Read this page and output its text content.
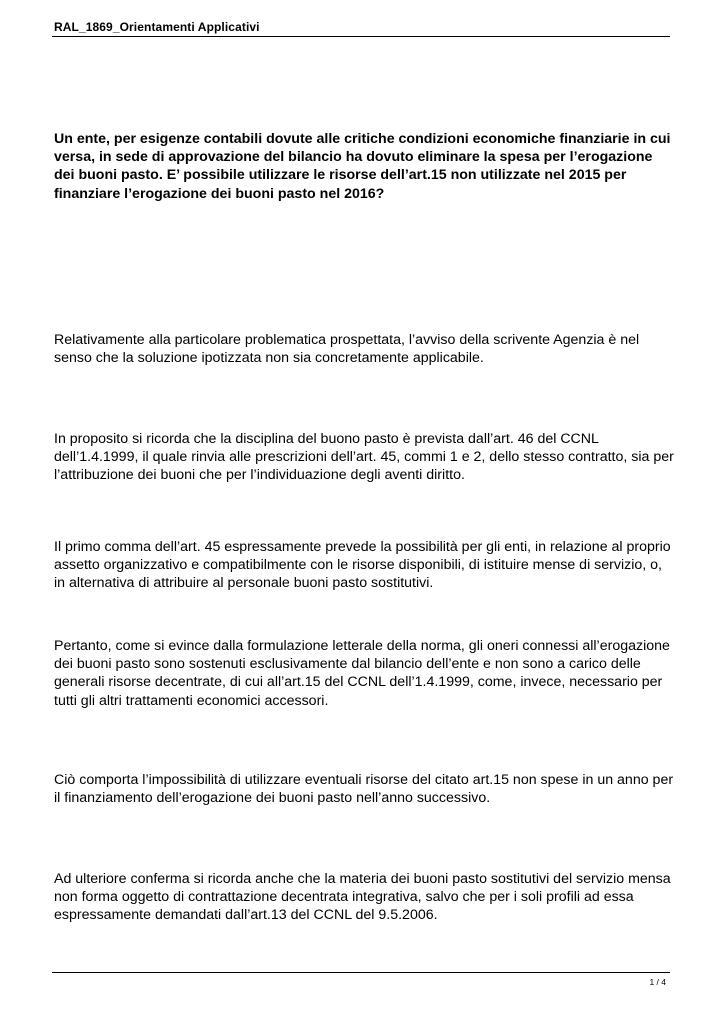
RAL_1869_Orientamenti Applicativi
Un ente, per esigenze contabili dovute alle critiche condizioni economiche finanziarie in cui versa, in sede di approvazione del bilancio ha dovuto eliminare la spesa per l’erogazione dei buoni pasto. E’ possibile utilizzare le risorse dell’art.15 non utilizzate nel 2015 per finanziare l’erogazione dei buoni pasto nel 2016?
Relativamente alla particolare problematica prospettata, l’avviso della scrivente Agenzia è nel senso che la soluzione ipotizzata non sia concretamente applicabile.
In proposito si ricorda che la disciplina del buono pasto è prevista dall’art. 46 del CCNL dell’1.4.1999, il quale rinvia alle prescrizioni dell’art. 45, commi 1 e 2, dello stesso contratto, sia per l’attribuzione dei buoni che per l’individuazione degli aventi diritto.
Il primo comma dell’art. 45 espressamente prevede la possibilità per gli enti, in relazione al proprio assetto organizzativo e compatibilmente con le risorse disponibili, di istituire mense di servizio, o, in alternativa di attribuire al personale buoni pasto sostitutivi.
Pertanto, come si evince dalla formulazione letterale della norma, gli oneri connessi all’erogazione dei buoni pasto sono sostenuti esclusivamente dal bilancio dell’ente e non sono a carico delle generali risorse decentrate, di cui all’art.15 del CCNL dell’1.4.1999, come, invece, necessario per tutti gli altri trattamenti economici accessori.
Ciò comporta l’impossibilità di utilizzare eventuali risorse del citato art.15 non spese in un anno per il finanziamento dell’erogazione dei buoni pasto nell’anno successivo.
Ad ulteriore conferma si ricorda anche che la materia dei buoni pasto sostitutivi del servizio mensa non forma oggetto di contrattazione decentrata integrativa, salvo che per i soli profili ad essa espressamente demandati dall’art.13 del CCNL del 9.5.2006.
1 / 4
